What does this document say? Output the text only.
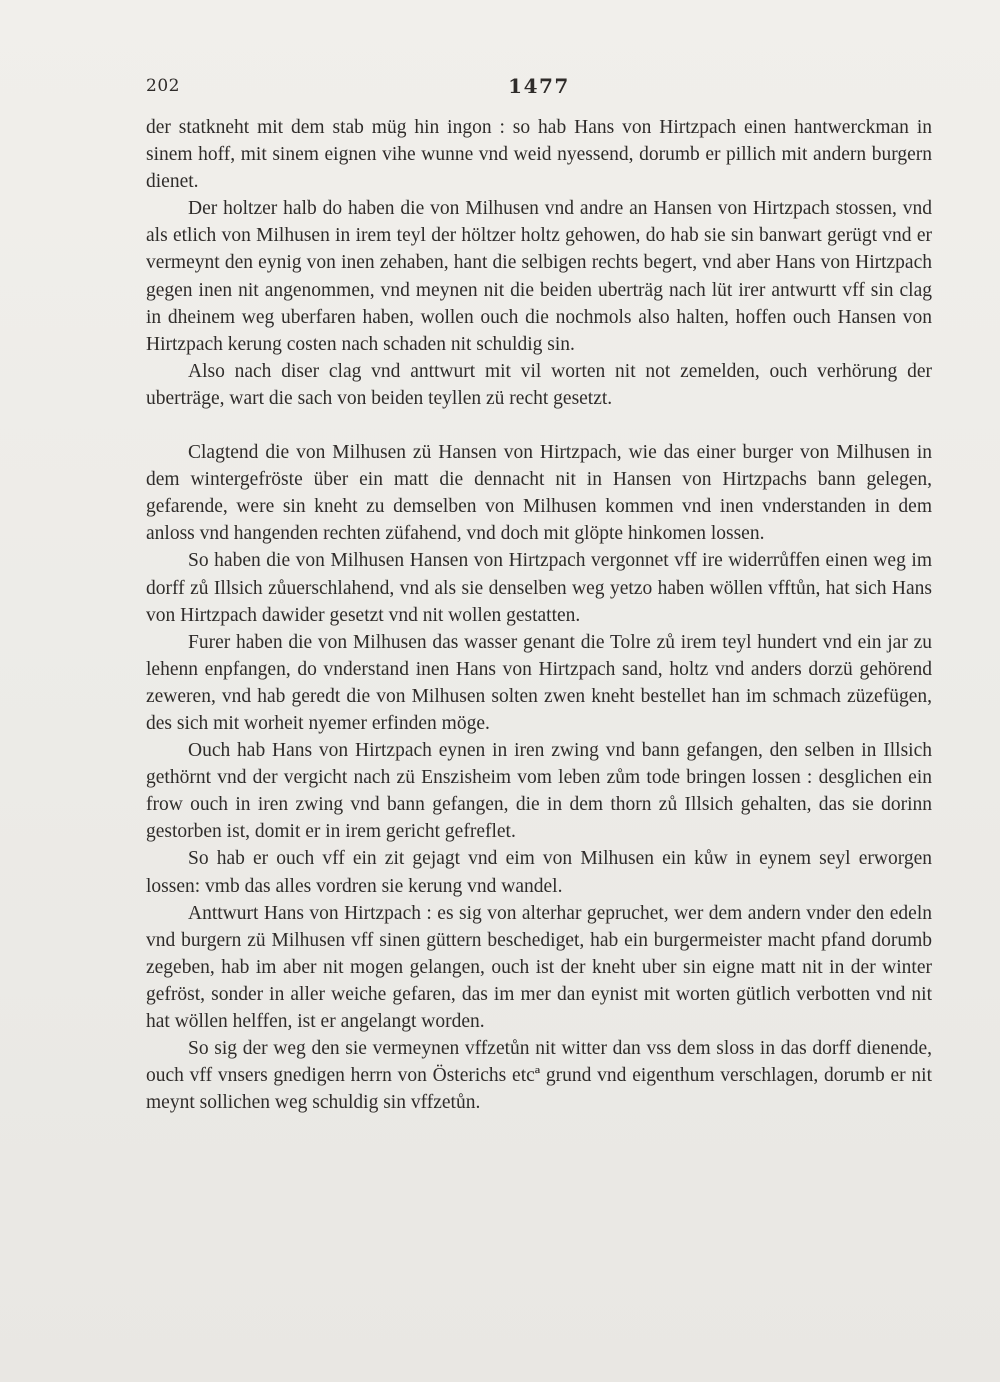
202	1477

der statkneht mit dem stab müg hin ingon : so hab Hans von Hirtzpach einen hantwerckman in sinem hoff, mit sinem eignen vihe wunne vnd weid nyessend, dorumb er pillich mit andern burgern dienet.

Der holtzer halb do haben die von Milhusen vnd andre an Hansen von Hirtzpach stossen, vnd als etlich von Milhusen in irem teyl der höltzer holtz gehowen, do hab sie sin banwart gerügt vnd er vermeynt den eynig von inen zehaben, hant die selbigen rechts begert, vnd aber Hans von Hirtzpach gegen inen nit angenommen, vnd meynen nit die beiden uberträg nach lüt irer antwurtt vff sin clag in dheinem weg uberfaren haben, wollen ouch die nochmols also halten, hoffen ouch Hansen von Hirtzpach kerung costen nach schaden nit schuldig sin.

Also nach diser clag vnd anttwurt mit vil worten nit not zemelden, ouch verhörung der uberträge, wart die sach von beiden teyllen zü recht gesetzt.

Clagtend die von Milhusen zü Hansen von Hirtzpach, wie das einer burger von Milhusen in dem wintergefröste über ein matt die dennacht nit in Hansen von Hirtzpachs bann gelegen, gefarende, were sin kneht zu demselben von Milhusen kommen vnd inen vnderstanden in dem anloss vnd hangenden rechten züfahend, vnd doch mit glöpte hinkomen lossen.

So haben die von Milhusen Hansen von Hirtzpach vergonnet vff ire widerrůffen einen weg im dorff zů Illsich zůuerschlahend, vnd als sie denselben weg yetzo haben wöllen vfftůn, hat sich Hans von Hirtzpach dawider gesetzt vnd nit wollen gestatten.

Furer haben die von Milhusen das wasser genant die Tolre zů irem teyl hundert vnd ein jar zu lehenn enpfangen, do vnderstand inen Hans von Hirtzpach sand, holtz vnd anders dorzü gehörend zeweren, vnd hab geredt die von Milhusen solten zwen kneht bestellet han im schmach züzefügen, des sich mit worheit nyemer erfinden möge.

Ouch hab Hans von Hirtzpach eynen in iren zwing vnd bann gefangen, den selben in Illsich gethörnt vnd der vergicht nach zü Enszisheim vom leben zům tode bringen lossen : desglichen ein frow ouch in iren zwing vnd bann gefangen, die in dem thorn zů Illsich gehalten, das sie dorinn gestorben ist, domit er in irem gericht gefreflet.

So hab er ouch vff ein zit gejagt vnd eim von Milhusen ein kůw in eynem seyl erworgen lossen: vmb das alles vordren sie kerung vnd wandel.

Anttwurt Hans von Hirtzpach : es sig von alterhar gepruchet, wer dem andern vnder den edeln vnd burgern zü Milhusen vff sinen güttern beschediget, hab ein burgermeister macht pfand dorumb zegeben, hab im aber nit mogen gelangen, ouch ist der kneht uber sin eigne matt nit in der winter gefröst, sonder in aller weiche gefaren, das im mer dan eynist mit worten gütlich verbotten vnd nit hat wöllen helffen, ist er angelangt worden.

So sig der weg den sie vermeynen vffzetůn nit witter dan vss dem sloss in das dorff dienende, ouch vff vnsers gnedigen herrn von Österichs etcª grund vnd eigenthum verschlagen, dorumb er nit meynt sollichen weg schuldig sin vffzetůn.
